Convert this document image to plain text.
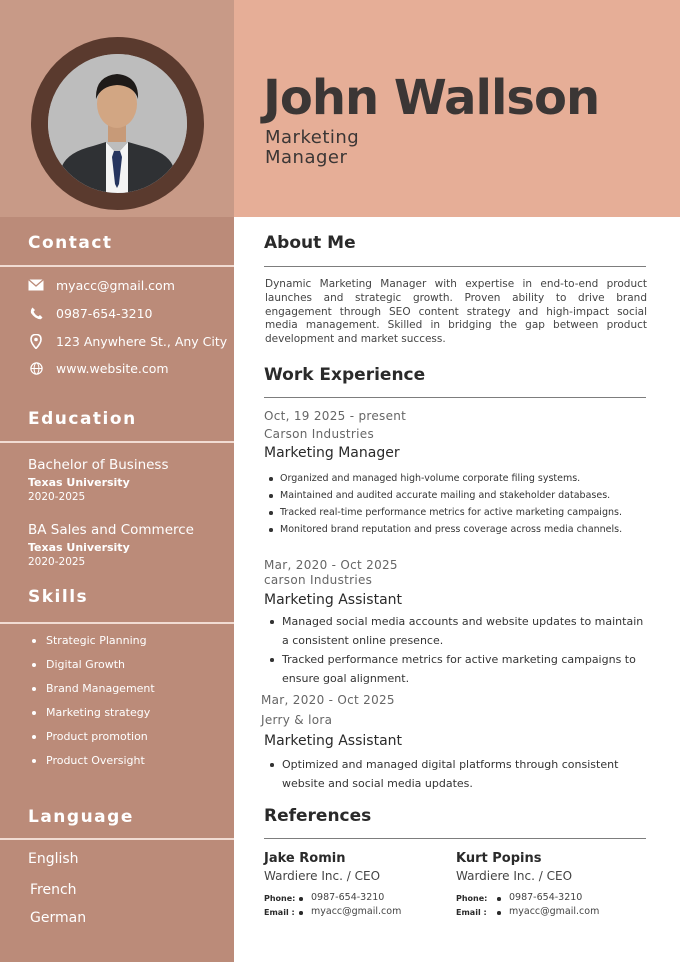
John Wallson
Marketing Manager
Contact
myacc@gmail.com
0987-654-3210
123 Anywhere St., Any City
www.website.com
Education
Bachelor of Business
Texas University
2020-2025
BA Sales and Commerce
Texas University
2020-2025
Skills
Strategic Planning
Digital Growth
Brand Management
Marketing strategy
Product promotion
Product Oversight
Language
English
French
German
About Me
Dynamic Marketing Manager with expertise in end-to-end product launches and strategic growth. Proven ability to drive brand engagement through SEO content strategy and high-impact social media management. Skilled in bridging the gap between product development and market success.
Work Experience
Oct, 19 2025 - present
Carson Industries
Marketing Manager
Organized and managed high-volume corporate filing systems.
Maintained and audited accurate mailing and stakeholder databases.
Tracked real-time performance metrics for active marketing campaigns.
Monitored brand reputation and press coverage across media channels.
Mar, 2020 - Oct 2025
carson Industries
Marketing Assistant
Managed social media accounts and website updates to maintain a consistent online presence.
Tracked performance metrics for active marketing campaigns to ensure goal alignment.
Mar, 2020 - Oct 2025
Jerry & lora
Marketing Assistant
Optimized and managed digital platforms through consistent website and social media updates.
References
Jake Romin
Wardiere Inc. / CEO
Phone: 0987-654-3210
Email : myacc@gmail.com
Kurt Popins
Wardiere Inc. / CEO
Phone: 0987-654-3210
Email : myacc@gmail.com
